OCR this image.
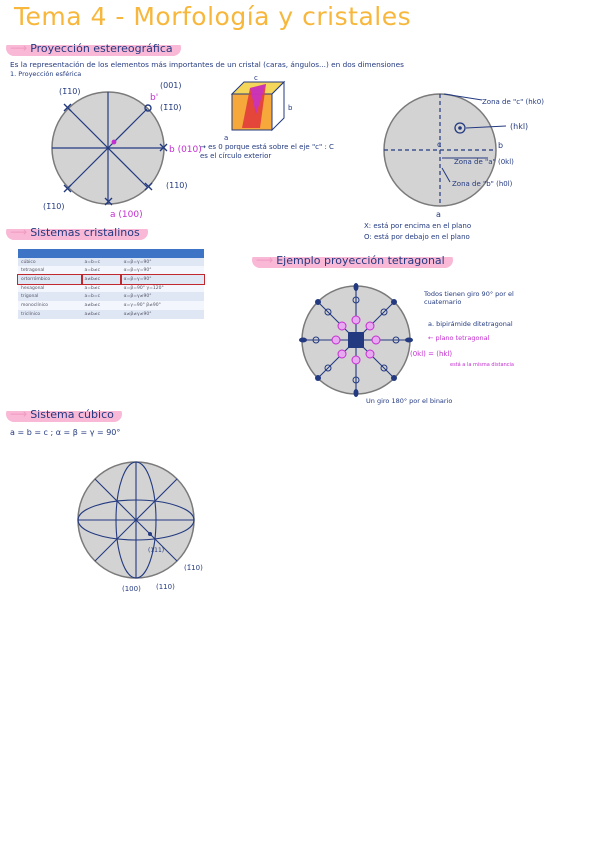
Tema 4 - Morfología y cristales
⟶ Proyección estereográfica
Es la representación de los elementos más importantes de un cristal (caras, ángulos...) en dos dimensiones
1. Proyección esférica
(1̄10)
(001)
b'
(1̄1̄0)
b (010)
(110)
(1̄10)
a (100)
c
a
b
→ es 0 porque está sobre el eje "c" : C es el círculo exterior
Zona de "c" (hk0)
(hkl)
c	b
a
Zona de "a" (0kl)
Zona de "b" (h0l)
X: está por encima en el plano
O: está por debajo en el plano
⟶ Sistemas cristalinos

cúbico	a=b=c	α=β=γ=90°
tetragonal	a=b≠c	α=β=γ=90°
ortorrómbico	a≠b≠c	α=β=γ=90°
hexagonal	a=b≠c	α=β=90° γ=120°
trigonal	a=b=c	α=β=γ≠90°
monoclínico	a≠b≠c	α=γ=90° β≠90°
triclínico	a≠b≠c	α≠β≠γ≠90°
⟶ Ejemplo proyección tetragonal
Todos tienen giro 90° por el cuaternario
a. bipirámide ditetragonal
← plano tetragonal
(0kl) = (hkl)
está a la misma distancia
Un giro 180° por el binario
⟶ Sistema cúbico
a = b = c ; α = β = γ = 90°
(111)
(100) (110)
(1̄10)
